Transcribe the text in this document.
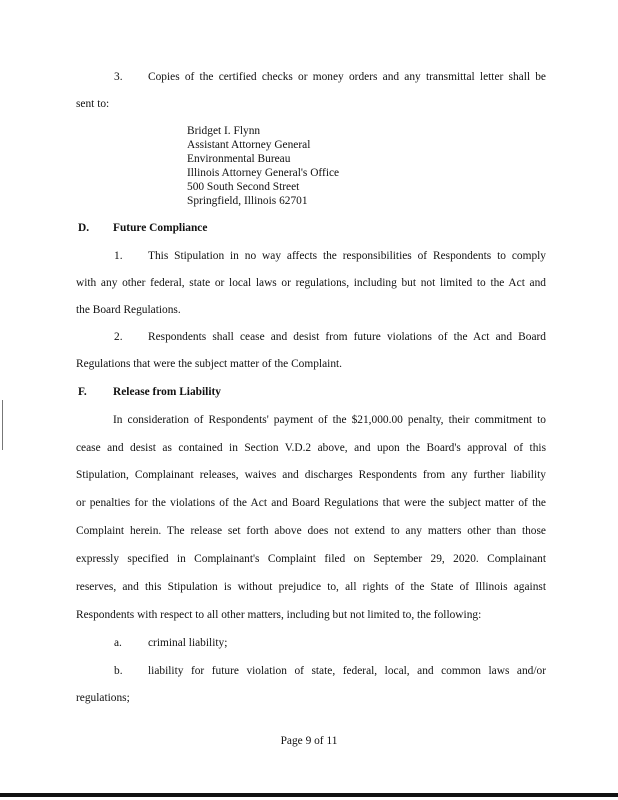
3. Copies of the certified checks or money orders and any transmittal letter shall be
sent to:
Bridget I. Flynn
Assistant Attorney General
Environmental Bureau
Illinois Attorney General's Office
500 South Second Street
Springfield, Illinois 62701
D. Future Compliance
1. This Stipulation in no way affects the responsibilities of Respondents to comply
with any other federal, state or local laws or regulations, including but not limited to the Act and
the Board Regulations.
2. Respondents shall cease and desist from future violations of the Act and Board
Regulations that were the subject matter of the Complaint.
F. Release from Liability
In consideration of Respondents' payment of the $21,000.00 penalty, their commitment to
cease and desist as contained in Section V.D.2 above, and upon the Board's approval of this
Stipulation, Complainant releases, waives and discharges Respondents from any further liability
or penalties for the violations of the Act and Board Regulations that were the subject matter of the
Complaint herein. The release set forth above does not extend to any matters other than those
expressly specified in Complainant's Complaint filed on September 29, 2020. Complainant
reserves, and this Stipulation is without prejudice to, all rights of the State of Illinois against
Respondents with respect to all other matters, including but not limited to, the following:
a. criminal liability;
b. liability for future violation of state, federal, local, and common laws and/or
regulations;
Page 9 of 11
